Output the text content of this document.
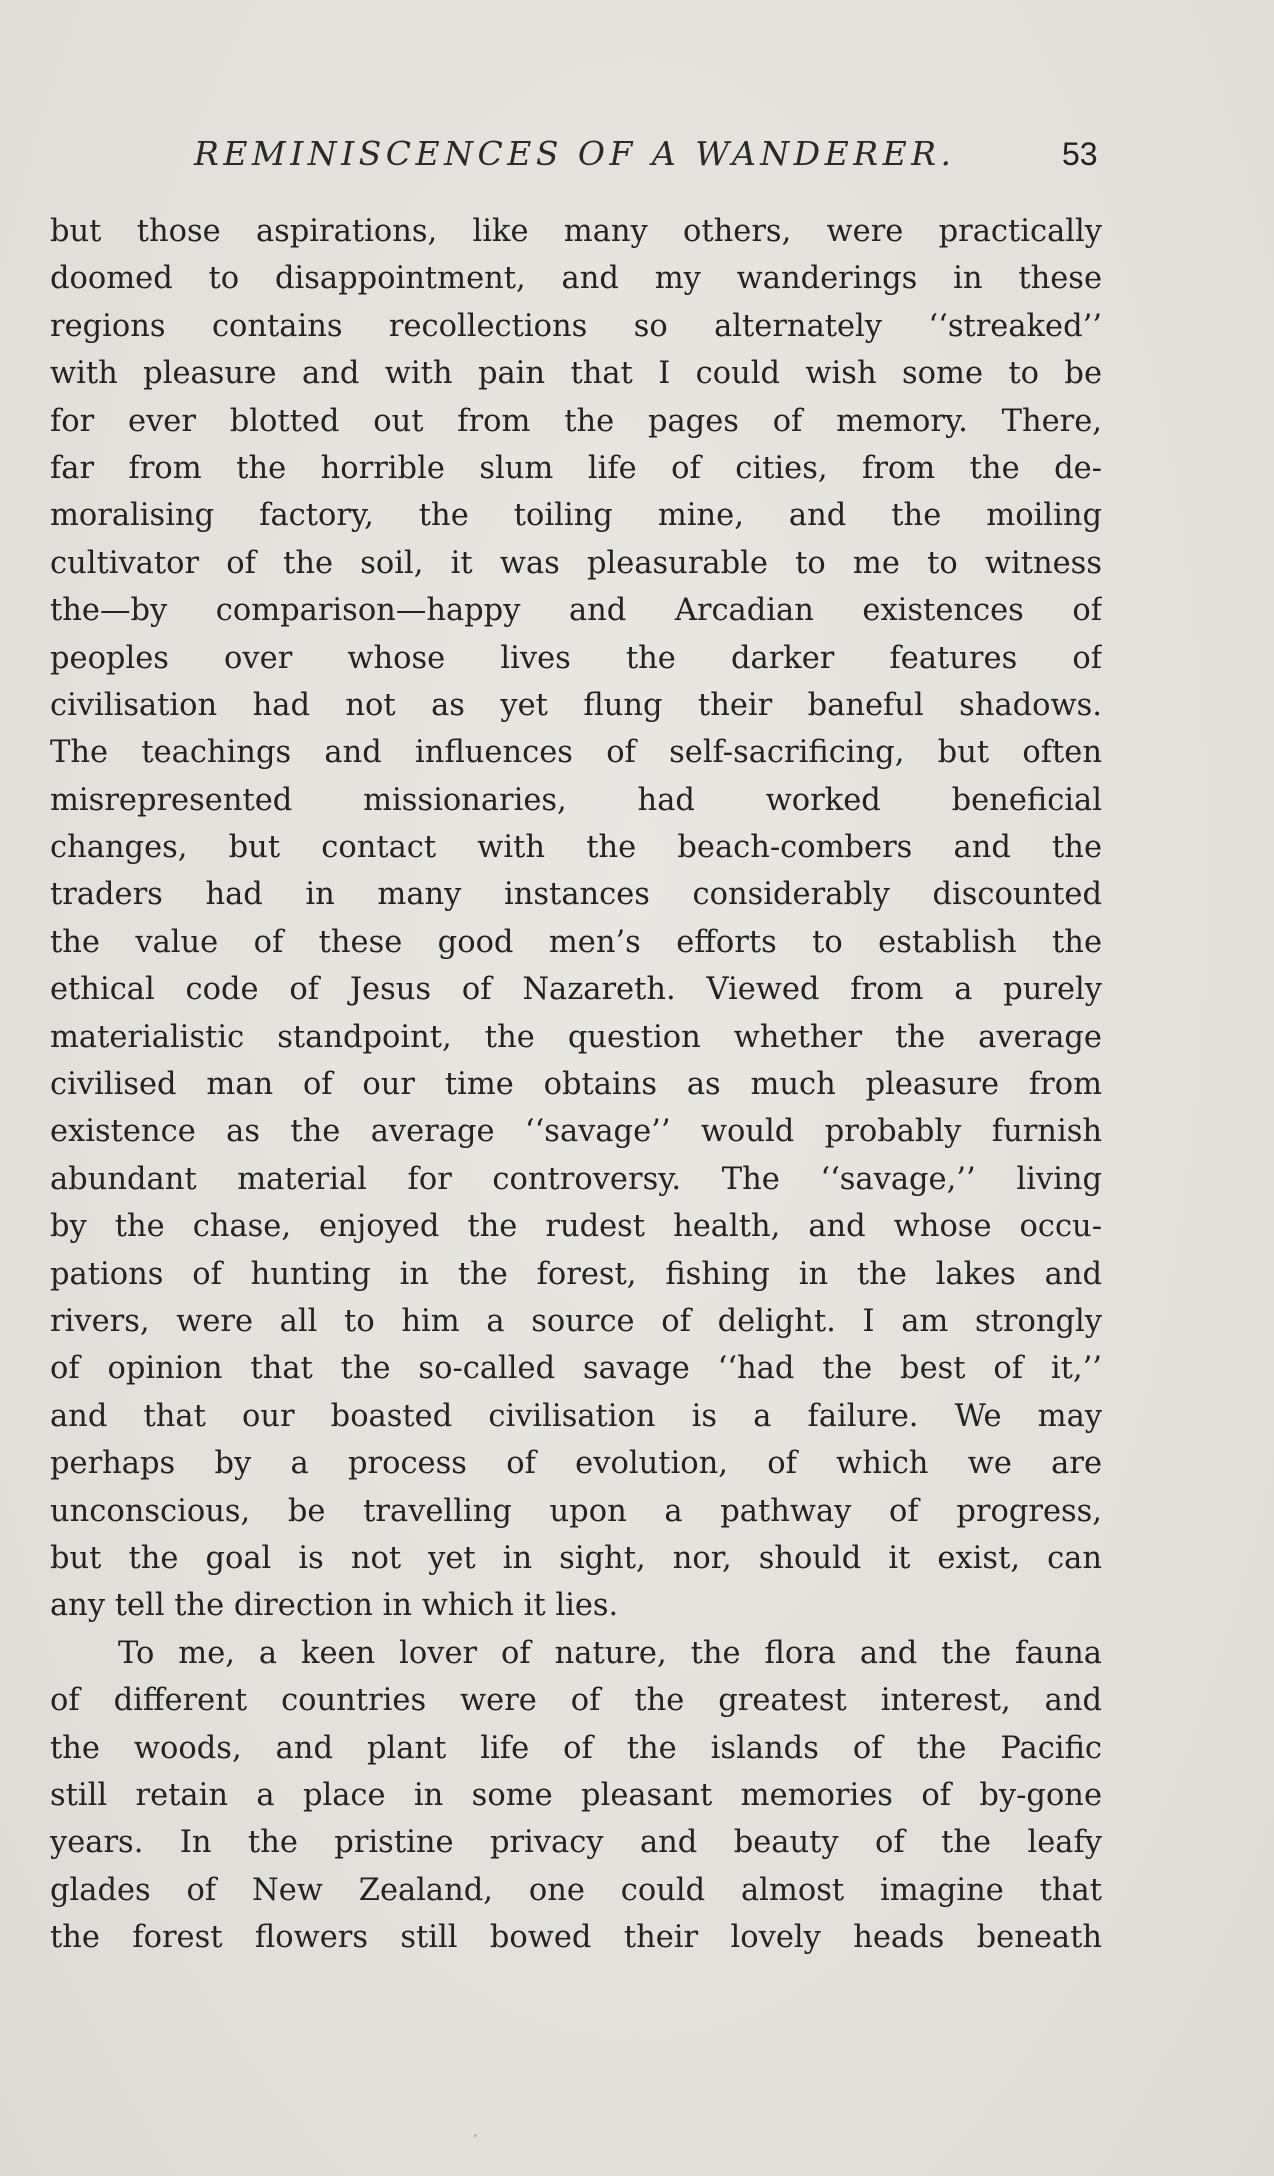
REMINISCENCES OF A WANDERER.	53
but those aspirations, like many others, were practically
doomed to disappointment, and my wanderings in these
regions contains recollections so alternately ‘‘streaked’’
with pleasure and with pain that I could wish some to be
for ever blotted out from the pages of memory. There,
far from the horrible slum life of cities, from the de-
moralising factory, the toiling mine, and the moiling
cultivator of the soil, it was pleasurable to me to witness
the—by comparison—happy and Arcadian existences of
peoples over whose lives the darker features of
civilisation had not as yet flung their baneful shadows.
The teachings and influences of self-sacrificing, but often
misrepresented missionaries, had worked beneficial
changes, but contact with the beach-combers and the
traders had in many instances considerably discounted
the value of these good men’s efforts to establish the
ethical code of Jesus of Nazareth. Viewed from a purely
materialistic standpoint, the question whether the average
civilised man of our time obtains as much pleasure from
existence as the average ‘‘savage’’ would probably furnish
abundant material for controversy. The ‘‘savage,’’ living
by the chase, enjoyed the rudest health, and whose occu-
pations of hunting in the forest, fishing in the lakes and
rivers, were all to him a source of delight. I am strongly
of opinion that the so-called savage ‘‘had the best of it,’’
and that our boasted civilisation is a failure. We may
perhaps by a process of evolution, of which we are
unconscious, be travelling upon a pathway of progress,
but the goal is not yet in sight, nor, should it exist, can
any tell the direction in which it lies.
To me, a keen lover of nature, the flora and the fauna
of different countries were of the greatest interest, and
the woods, and plant life of the islands of the Pacific
still retain a place in some pleasant memories of by-gone
years. In the pristine privacy and beauty of the leafy
glades of New Zealand, one could almost imagine that
the forest flowers still bowed their lovely heads beneath
